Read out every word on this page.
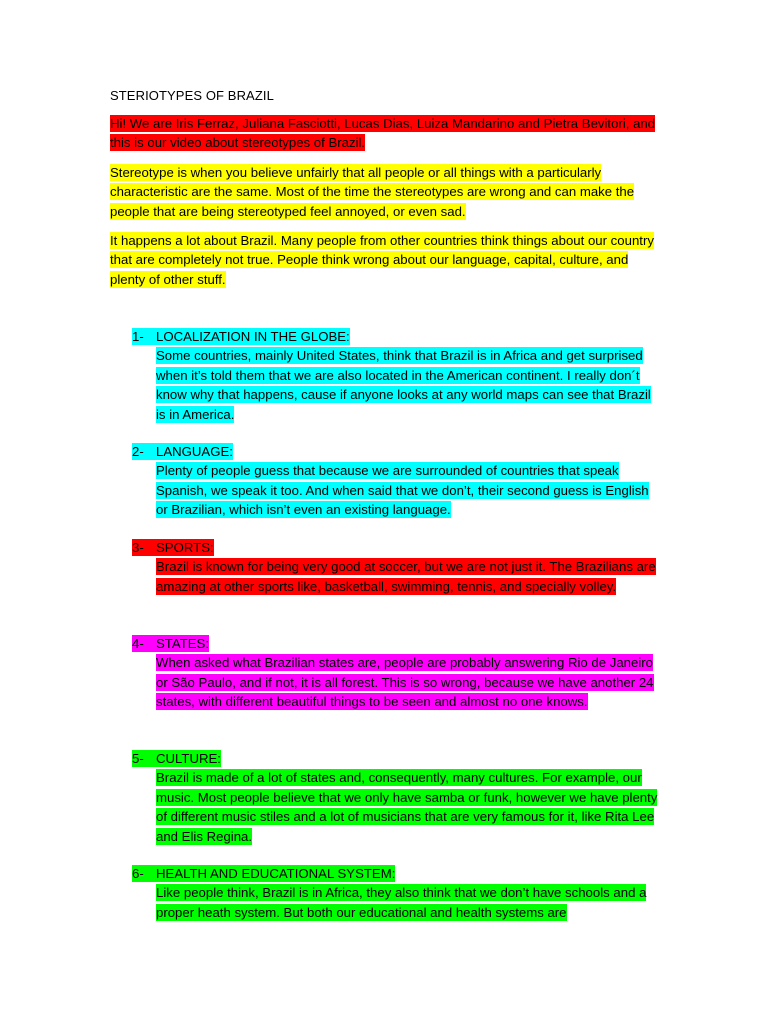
STERIOTYPES OF BRAZIL
Hi! We are Iris Ferraz, Juliana Fasciotti, Lucas Dias, Luiza Mandarino and Pietra Bevitori, and this is our video about stereotypes of Brazil.
Stereotype is when you believe unfairly that all people or all things with a particularly characteristic are the same. Most of the time the stereotypes are wrong and can make the people that are being stereotyped feel annoyed, or even sad.
It happens a lot about Brazil. Many people from other countries think things about our country that are completely not true. People think wrong about our language, capital, culture, and plenty of other stuff.
1- LOCALIZATION IN THE GLOBE:
Some countries, mainly United States, think that Brazil is in Africa and get surprised when it’s told them that we are also located in the American continent. I really don´t know why that happens, cause if anyone looks at any world maps can see that Brazil is in America.
2- LANGUAGE:
Plenty of people guess that because we are surrounded of countries that speak Spanish, we speak it too. And when said that we don’t, their second guess is English or Brazilian, which isn’t even an existing language.
3- SPORTS:
Brazil is known for being very good at soccer, but we are not just it. The Brazilians are amazing at other sports like, basketball, swimming, tennis, and specially volley.
4- STATES:
When asked what Brazilian states are, people are probably answering Rio de Janeiro or São Paulo, and if not, it is all forest. This is so wrong, because we have another 24 states, with different beautiful things to be seen and almost no one knows.
5- CULTURE:
Brazil is made of a lot of states and, consequently, many cultures. For example, our music. Most people believe that we only have samba or funk, however we have plenty of different music stiles and a lot of musicians that are very famous for it, like Rita Lee and Elis Regina.
6- HEALTH AND EDUCATIONAL SYSTEM:
Like people think, Brazil is in Africa, they also think that we don’t have schools and a proper heath system. But both our educational and health systems are
